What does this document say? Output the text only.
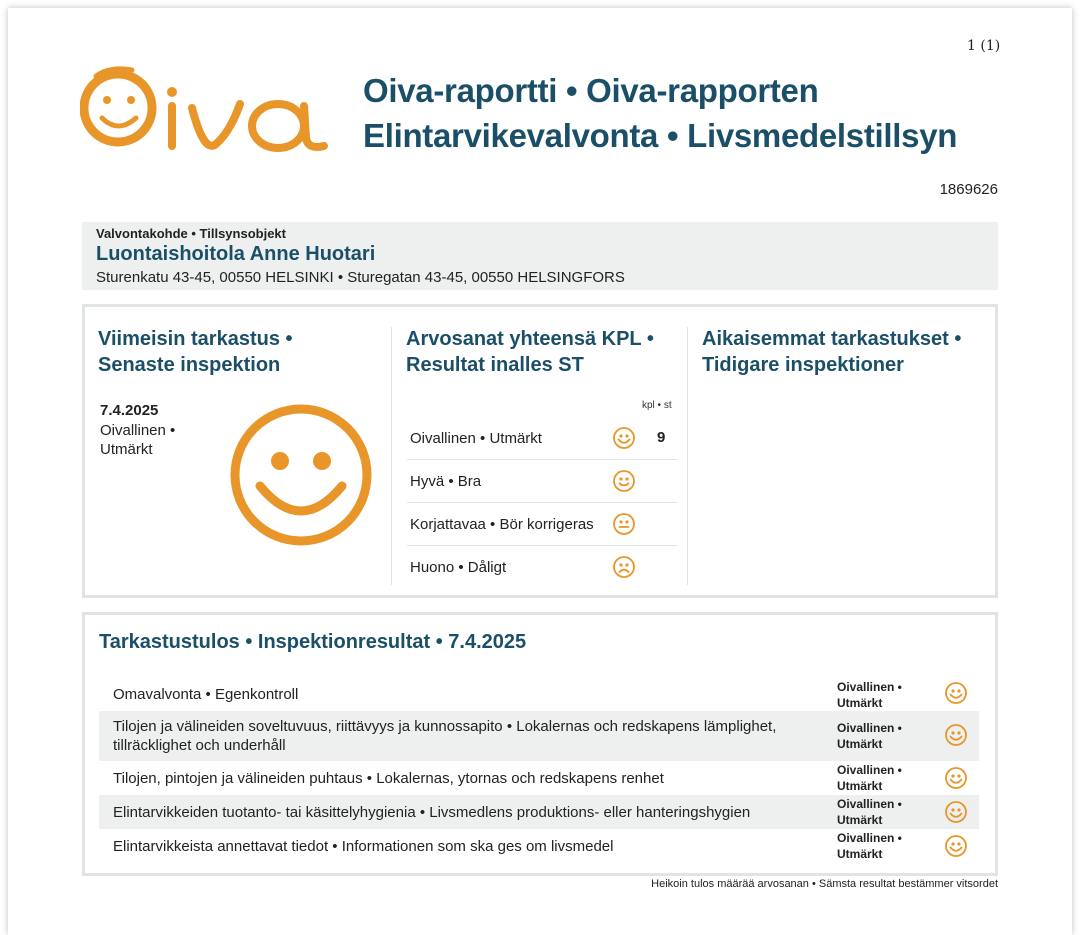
1 (1)
Oiva
Oiva-raportti • Oiva-rapporten
Elintarvikevalvonta • Livsmedelstillsyn
1869626
Valvontakohde • Tillsynsobjekt
Luontaishoitola Anne Huotari
Sturenkatu 43-45, 00550 HELSINKI • Sturegatan 43-45, 00550 HELSINGFORS
Viimeisin tarkastus •
Senaste inspektion
7.4.2025
Oivallinen •
Utmärkt
Arvosanat yhteensä KPL •
Resultat inalles ST
kpl • st
Oivallinen • Utmärkt	9
Hyvä • Bra
Korjattavaa • Bör korrigeras
Huono • Dåligt
Aikaisemmat tarkastukset •
Tidigare inspektioner
Tarkastustulos • Inspektionresultat • 7.4.2025
Omavalvonta • Egenkontroll	Oivallinen •
Utmärkt
Tilojen ja välineiden soveltuvuus, riittävyys ja kunnossapito • Lokalernas och redskapens lämplighet, tillräcklighet och underhåll
Oivallinen •
Utmärkt
Tilojen, pintojen ja välineiden puhtaus • Lokalernas, ytornas och redskapens renhet	Oivallinen •
Utmärkt
Elintarvikkeiden tuotanto- tai käsittelyhygienia • Livsmedlens produktions- eller hanteringshygien	Oivallinen •
Utmärkt
Elintarvikkeista annettavat tiedot • Informationen som ska ges om livsmedel	Oivallinen •
Utmärkt
Heikoin tulos määrää arvosanan • Sämsta resultat bestämmer vitsordet
